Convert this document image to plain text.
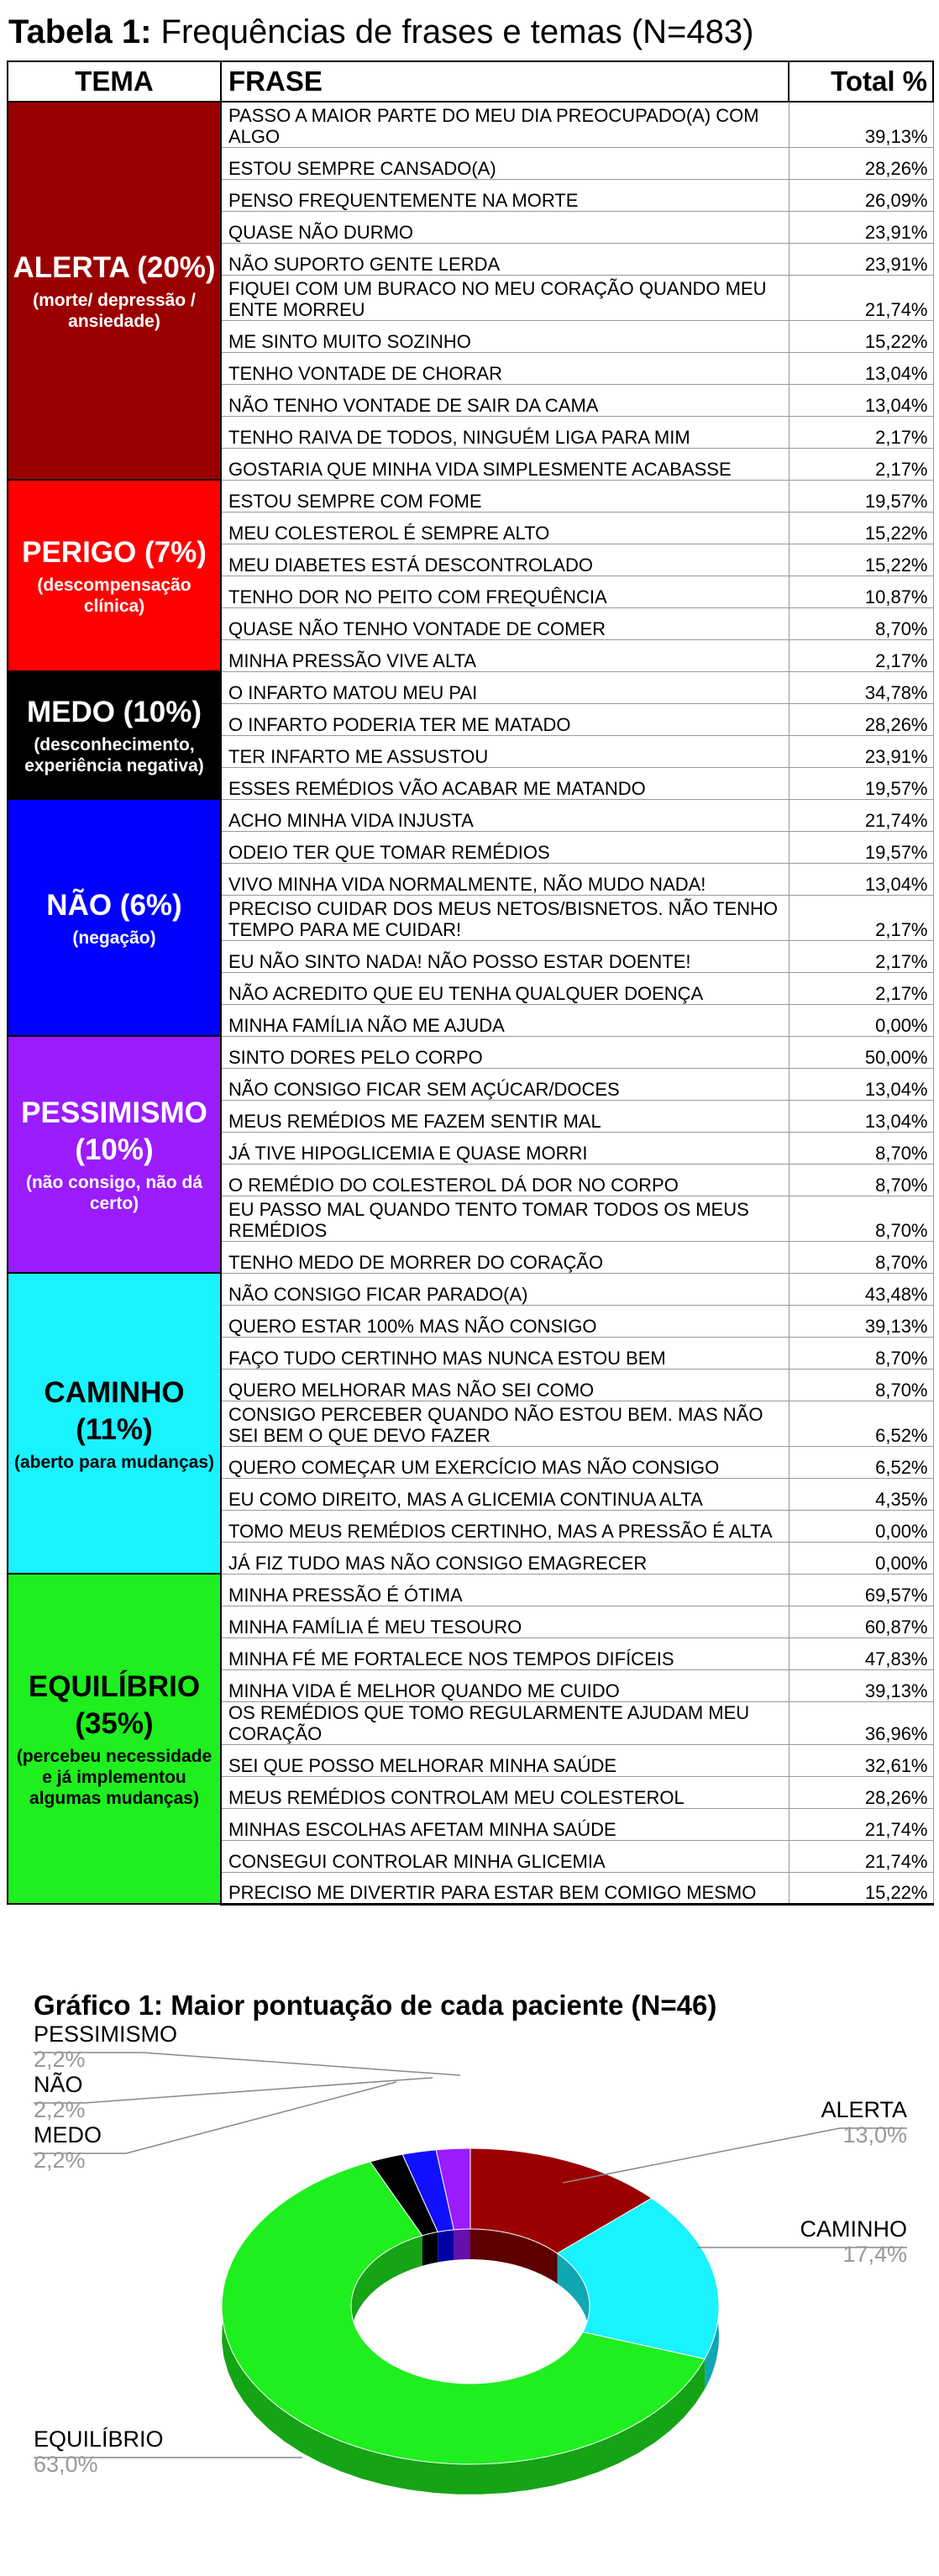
Tabela 1: Frequências de frases e temas (N=483)
TEMA	FRASE	Total %

ALERTA (20%)
(morte/ depressão / ansiedade)	PASSO A MAIOR PARTE DO MEU DIA PREOCUPADO(A) COM ALGO	39,13%
	ESTOU SEMPRE CANSADO(A)	28,26%
	PENSO FREQUENTEMENTE NA MORTE	26,09%
	QUASE NÃO DURMO	23,91%
	NÃO SUPORTO GENTE LERDA	23,91%
	FIQUEI COM UM BURACO NO MEU CORAÇÃO QUANDO MEU ENTE MORREU	21,74%
	ME SINTO MUITO SOZINHO	15,22%
	TENHO VONTADE DE CHORAR	13,04%
	NÃO TENHO VONTADE DE SAIR DA CAMA	13,04%
	TENHO RAIVA DE TODOS, NINGUÉM LIGA PARA MIM	2,17%
	GOSTARIA QUE MINHA VIDA SIMPLESMENTE ACABASSE	2,17%

PERIGO (7%)
(descompensação clínica)	ESTOU SEMPRE COM FOME	19,57%
	MEU COLESTEROL É SEMPRE ALTO	15,22%
	MEU DIABETES ESTÁ DESCONTROLADO	15,22%
	TENHO DOR NO PEITO COM FREQUÊNCIA	10,87%
	QUASE NÃO TENHO VONTADE DE COMER	8,70%
	MINHA PRESSÃO VIVE ALTA	2,17%

MEDO (10%)
(desconhecimento, experiência negativa)	O INFARTO MATOU MEU PAI	34,78%
	O INFARTO PODERIA TER ME MATADO	28,26%
	TER INFARTO ME ASSUSTOU	23,91%
	ESSES REMÉDIOS VÃO ACABAR ME MATANDO	19,57%

NÃO (6%)
(negação)	ACHO MINHA VIDA INJUSTA	21,74%
	ODEIO TER QUE TOMAR REMÉDIOS	19,57%
	VIVO MINHA VIDA NORMALMENTE, NÃO MUDO NADA!	13,04%
	PRECISO CUIDAR DOS MEUS NETOS/BISNETOS. NÃO TENHO TEMPO PARA ME CUIDAR!	2,17%
	EU NÃO SINTO NADA! NÃO POSSO ESTAR DOENTE!	2,17%
	NÃO ACREDITO QUE EU TENHA QUALQUER DOENÇA	2,17%
	MINHA FAMÍLIA NÃO ME AJUDA	0,00%

PESSIMISMO (10%)
(não consigo, não dá certo)	SINTO DORES PELO CORPO	50,00%
	NÃO CONSIGO FICAR SEM AÇÚCAR/DOCES	13,04%
	MEUS REMÉDIOS ME FAZEM SENTIR MAL	13,04%
	JÁ TIVE HIPOGLICEMIA E QUASE MORRI	8,70%
	O REMÉDIO DO COLESTEROL DÁ DOR NO CORPO	8,70%
	EU PASSO MAL QUANDO TENTO TOMAR TODOS OS MEUS REMÉDIOS	8,70%
	TENHO MEDO DE MORRER DO CORAÇÃO	8,70%

CAMINHO (11%)
(aberto para mudanças)	NÃO CONSIGO FICAR PARADO(A)	43,48%
	QUERO ESTAR 100% MAS NÃO CONSIGO	39,13%
	FAÇO TUDO CERTINHO MAS NUNCA ESTOU BEM	8,70%
	QUERO MELHORAR MAS NÃO SEI COMO	8,70%
	CONSIGO PERCEBER QUANDO NÃO ESTOU BEM. MAS NÃO SEI BEM O QUE DEVO FAZER	6,52%
	QUERO COMEÇAR UM EXERCÍCIO MAS NÃO CONSIGO	6,52%
	EU COMO DIREITO, MAS A GLICEMIA CONTINUA ALTA	4,35%
	TOMO MEUS REMÉDIOS CERTINHO, MAS A PRESSÃO É ALTA	0,00%
	JÁ FIZ TUDO MAS NÃO CONSIGO EMAGRECER	0,00%

EQUILÍBRIO (35%)
(percebeu necessidade e já implementou algumas mudanças)	MINHA PRESSÃO É ÓTIMA	69,57%
	MINHA FAMÍLIA É MEU TESOURO	60,87%
	MINHA FÉ ME FORTALECE NOS TEMPOS DIFÍCEIS	47,83%
	MINHA VIDA É MELHOR QUANDO ME CUIDO	39,13%
	OS REMÉDIOS QUE TOMO REGULARMENTE AJUDAM MEU CORAÇÃO	36,96%
	SEI QUE POSSO MELHORAR MINHA SAÚDE	32,61%
	MEUS REMÉDIOS CONTROLAM MEU COLESTEROL	28,26%
	MINHAS ESCOLHAS AFETAM MINHA SAÚDE	21,74%
	CONSEGUI CONTROLAR MINHA GLICEMIA	21,74%
	PRECISO ME DIVERTIR PARA ESTAR BEM COMIGO MESMO	15,22%
Gráfico 1: Maior pontuação de cada paciente (N=46)
ALERTA
13,0%
CAMINHO
17,4%
EQUILÍBRIO
63,0%
MEDO
2,2%
NÃO
2,2%
PESSIMISMO
2,2%
